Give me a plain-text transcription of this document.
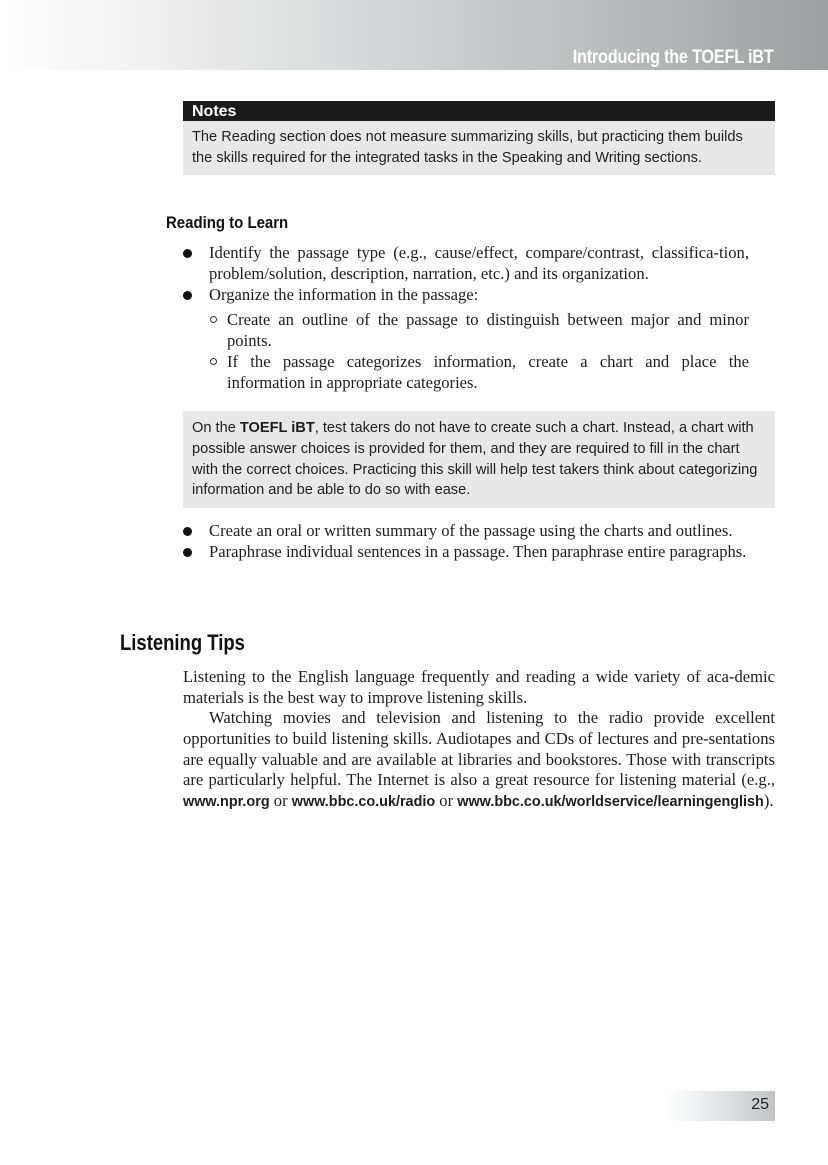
Introducing the TOEFL iBT
Notes
The Reading section does not measure summarizing skills, but practicing them builds the skills required for the integrated tasks in the Speaking and Writing sections.
Reading to Learn
Identify the passage type (e.g., cause/effect, compare/contrast, classifica-tion, problem/solution, description, narration, etc.) and its organization.
Organize the information in the passage:
Create an outline of the passage to distinguish between major and minor points.
If the passage categorizes information, create a chart and place the information in appropriate categories.
On the TOEFL iBT, test takers do not have to create such a chart. Instead, a chart with possible answer choices is provided for them, and they are required to fill in the chart with the correct choices. Practicing this skill will help test takers think about categorizing information and be able to do so with ease.
Create an oral or written summary of the passage using the charts and outlines.
Paraphrase individual sentences in a passage. Then paraphrase entire paragraphs.
Listening Tips
Listening to the English language frequently and reading a wide variety of aca-demic materials is the best way to improve listening skills.
Watching movies and television and listening to the radio provide excellent opportunities to build listening skills. Audiotapes and CDs of lectures and pre-sentations are equally valuable and are available at libraries and bookstores. Those with transcripts are particularly helpful. The Internet is also a great resource for listening material (e.g., www.npr.org or www.bbc.co.uk/radio or www.bbc.co.uk/worldservice/learningenglish).
25
